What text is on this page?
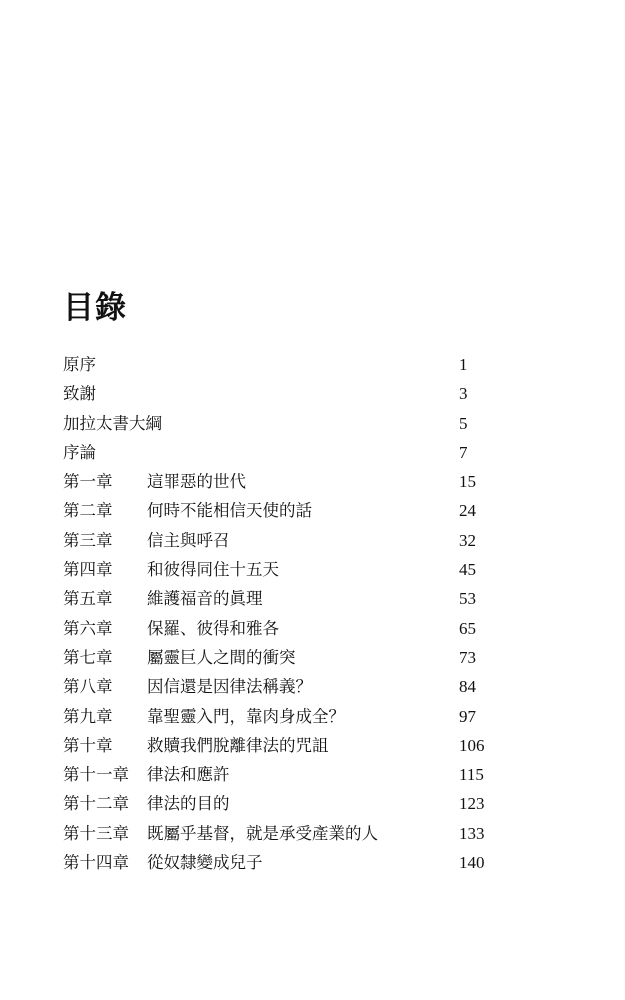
目錄
原序	1
致謝	3
加拉太書大綱	5
序論	7
第一章 這罪惡的世代	15
第二章 何時不能相信天使的話	24
第三章 信主與呼召	32
第四章 和彼得同住十五天	45
第五章 維護福音的眞理	53
第六章 保羅、彼得和雅各	65
第七章 屬靈巨人之間的衝突	73
第八章 因信還是因律法稱義？	84
第九章 靠聖靈入門，靠肉身成全？	97
第十章 救贖我們脫離律法的咒詛	106
第十一章 律法和應許	115
第十二章 律法的目的	123
第十三章 既屬乎基督，就是承受產業的人	133
第十四章 從奴隸變成兒子	140
